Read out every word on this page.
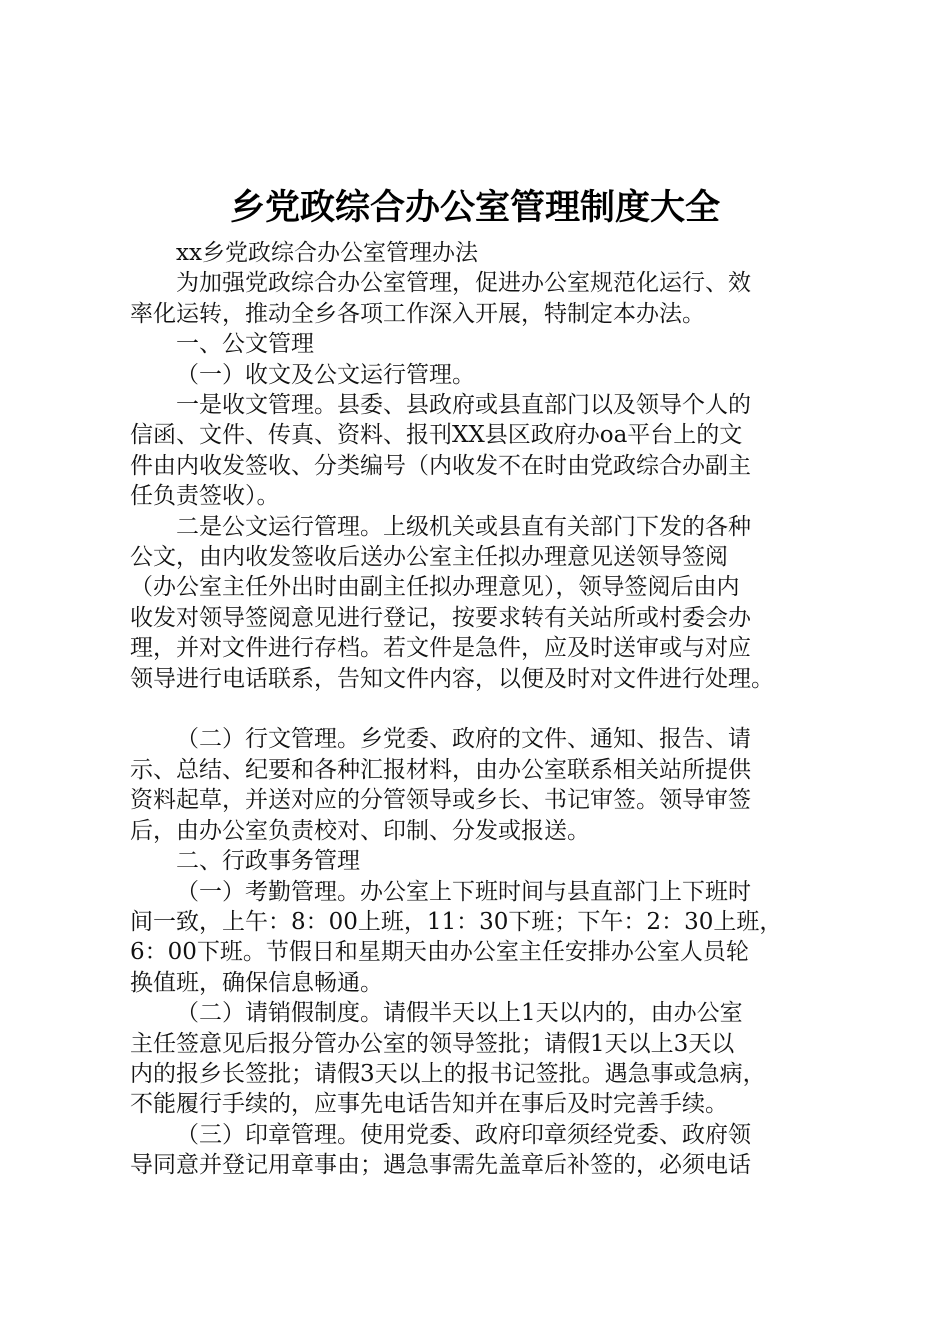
乡党政综合办公室管理制度大全
xx乡党政综合办公室管理办法
为加强党政综合办公室管理，促进办公室规范化运行、效
率化运转，推动全乡各项工作深入开展，特制定本办法。
一、公文管理
（一）收文及公文运行管理。
一是收文管理。县委、县政府或县直部门以及领导个人的
信函、文件、传真、资料、报刊XX县区政府办oa平台上的文
件由内收发签收、分类编号（内收发不在时由党政综合办副主
任负责签收）。
二是公文运行管理。上级机关或县直有关部门下发的各种
公文，由内收发签收后送办公室主任拟办理意见送领导签阅
（办公室主任外出时由副主任拟办理意见），领导签阅后由内
收发对领导签阅意见进行登记，按要求转有关站所或村委会办
理，并对文件进行存档。若文件是急件，应及时送审或与对应
领导进行电话联系，告知文件内容，以便及时对文件进行处理。
（二）行文管理。乡党委、政府的文件、通知、报告、请
示、总结、纪要和各种汇报材料，由办公室联系相关站所提供
资料起草，并送对应的分管领导或乡长、书记审签。领导审签
后，由办公室负责校对、印制、分发或报送。
二、行政事务管理
（一）考勤管理。办公室上下班时间与县直部门上下班时
间一致，上午：8：00上班，11：30下班；下午：2：30上班，
6：00下班。节假日和星期天由办公室主任安排办公室人员轮
换值班，确保信息畅通。
（二）请销假制度。请假半天以上1天以内的，由办公室
主任签意见后报分管办公室的领导签批；请假1天以上3天以
内的报乡长签批；请假3天以上的报书记签批。遇急事或急病，
不能履行手续的，应事先电话告知并在事后及时完善手续。
（三）印章管理。使用党委、政府印章须经党委、政府领
导同意并登记用章事由；遇急事需先盖章后补签的，必须电话
